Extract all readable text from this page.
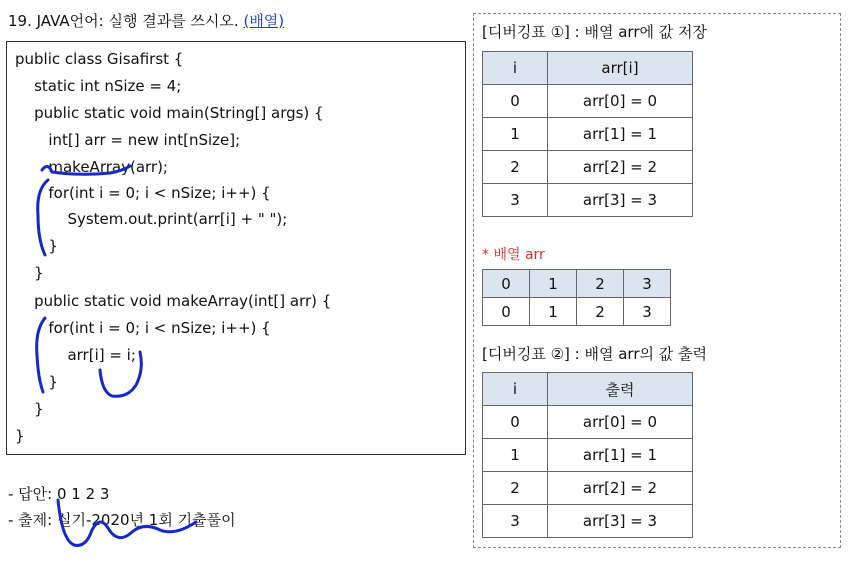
19. JAVA언어: 실행 결과를 쓰시오. (배열)
public class Gisafirst {
static int nSize = 4;
public static void main(String[] args) {
int[] arr = new int[nSize];
makeArray(arr);
for(int i = 0; i < nSize; i++) {
System.out.print(arr[i] + " ");
}
}
public static void makeArray(int[] arr) {
for(int i = 0; i < nSize; i++) {
arr[i] = i;
}
}
}
- 답안: 0 1 2 3
- 출제: 실기-2020년 1회 기출풀이
[디버깅표 ①] : 배열 arr에 값 저장
i	arr[i]
0	arr[0] = 0
1	arr[1] = 1
2	arr[2] = 2
3	arr[3] = 3
* 배열 arr
0	1	2	3
0	1	2	3
[디버깅표 ②] : 배열 arr의 값 출력
i	출력
0	arr[0] = 0
1	arr[1] = 1
2	arr[2] = 2
3	arr[3] = 3
